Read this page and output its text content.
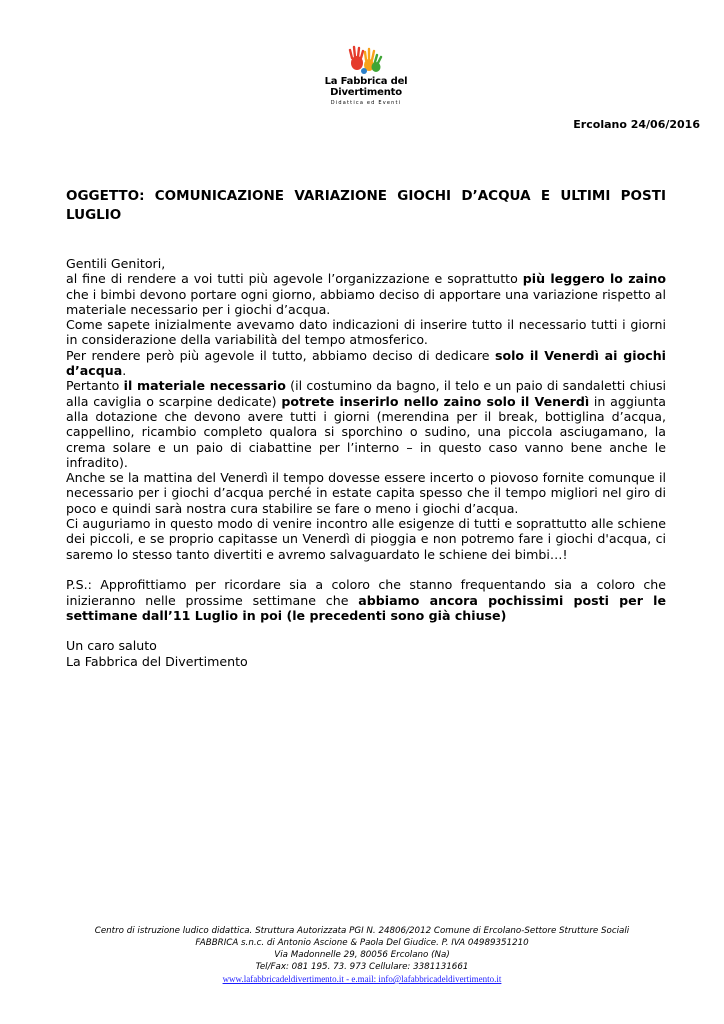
La Fabbrica del
Divertimento
Didattica ed Eventi
Ercolano 24/06/2016
OGGETTO: COMUNICAZIONE VARIAZIONE GIOCHI D’ACQUA E ULTIMI POSTI LUGLIO

Gentili Genitori,

al fine di rendere a voi tutti più agevole l’organizzazione e soprattutto più leggero lo zaino che i bimbi devono portare ogni giorno, abbiamo deciso di apportare una variazione rispetto al materiale necessario per i giochi d’acqua.

Come sapete inizialmente avevamo dato indicazioni di inserire tutto il necessario tutti i giorni in considerazione della variabilità del tempo atmosferico.

Per rendere però più agevole il tutto, abbiamo deciso di dedicare solo il Venerdì ai giochi d’acqua.

Pertanto il materiale necessario (il costumino da bagno, il telo e un paio di sandaletti chiusi alla caviglia o scarpine dedicate) potrete inserirlo nello zaino solo il Venerdì in aggiunta alla dotazione che devono avere tutti i giorni (merendina per il break, bottiglina d’acqua, cappellino, ricambio completo qualora si sporchino o sudino, una piccola asciugamano, la crema solare e un paio di ciabattine per l’interno – in questo caso vanno bene anche le infradito).

Anche se la mattina del Venerdì il tempo dovesse essere incerto o piovoso fornite comunque il necessario per i giochi d’acqua perché in estate capita spesso che il tempo migliori nel giro di poco e quindi sarà nostra cura stabilire se fare o meno i giochi d’acqua.

Ci auguriamo in questo modo di venire incontro alle esigenze di tutti e soprattutto alle schiene dei piccoli, e se proprio capitasse un Venerdì di pioggia e non potremo fare i giochi d'acqua, ci saremo lo stesso tanto divertiti e avremo salvaguardato le schiene dei bimbi…!

P.S.: Approfittiamo per ricordare sia a coloro che stanno frequentando sia a coloro che inizieranno nelle prossime settimane che abbiamo ancora pochissimi posti per le settimane dall’11 Luglio in poi (le precedenti sono già chiuse)

Un caro saluto

La Fabbrica del Divertimento

Centro di istruzione ludico didattica. Struttura Autorizzata PGI N. 24806/2012 Comune di Ercolano-Settore Strutture Sociali
FABBRICA s.n.c. di Antonio Ascione & Paola Del Giudice. P. IVA 04989351210
Via Madonnelle 29, 80056 Ercolano (Na)
Tel/Fax: 081 195. 73. 973 Cellulare: 3381131661
www.lafabbricadeldivertimento.it - e.mail: info@lafabbricadeldivertimento.it
